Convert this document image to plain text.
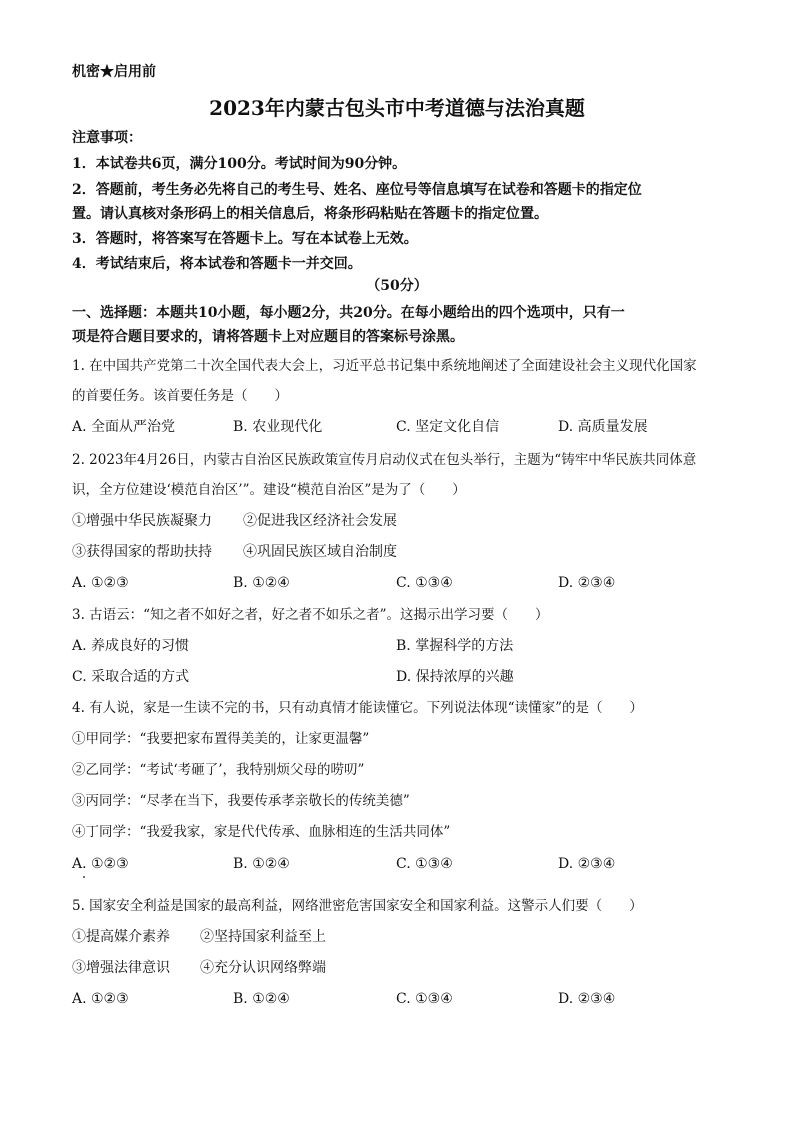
机密★启用前
2023年内蒙古包头市中考道德与法治真题
注意事项：
1．本试卷共6页，满分100分。考试时间为90分钟。
2．答题前，考生务必先将自己的考生号、姓名、座位号等信息填写在试卷和答题卡的指定位
置。请认真核对条形码上的相关信息后，将条形码粘贴在答题卡的指定位置。
3．答题时，将答案写在答题卡上。写在本试卷上无效。
4．考试结束后，将本试卷和答题卡一并交回。
（50分）
一、选择题：本题共10小题，每小题2分，共20分。在每小题给出的四个选项中，只有一
项是符合题目要求的，请将答题卡上对应题目的答案标号涂黑。
1. 在中国共产党第二十次全国代表大会上，习近平总书记集中系统地阐述了全面建设社会主义现代化国家
的首要任务。该首要任务是（　　）
A. 全面从严治党	B. 农业现代化	C. 坚定文化自信	D. 高质量发展
2. 2023年4月26日，内蒙古自治区民族政策宣传月启动仪式在包头举行，主题为“铸牢中华民族共同体意
识，全方位建设‘模范自治区’”。建设“模范自治区”是为了（　　）
①增强中华民族凝聚力 ②促进我区经济社会发展
③获得国家的帮助扶持 ④巩固民族区域自治制度
A. ①②③	B. ①②④	C. ①③④	D. ②③④
3. 古语云：“知之者不如好之者，好之者不如乐之者”。这揭示出学习要（　　）
A. 养成良好的习惯	B. 掌握科学的方法
C. 采取合适的方式	D. 保持浓厚的兴趣
4. 有人说，家是一生读不完的书，只有动真情才能读懂它。下列说法体现“读懂家”的是（　　）
①甲同学：“我要把家布置得美美的，让家更温馨”
②乙同学：“考试‘考砸了’，我特别烦父母的唠叨”
③丙同学：“尽孝在当下，我要传承孝亲敬长的传统美德”
④丁同学：“我爱我家，家是代代传承、血脉相连的生活共同体”
A. ①②③	B. ①②④	C. ①③④	D. ②③④
5. 国家安全利益是国家的最高利益，网络泄密危害国家安全和国家利益。这警示人们要（　　）
①提高媒介素养 ②坚持国家利益至上
③增强法律意识 ④充分认识网络弊端
A. ①②③	B. ①②④	C. ①③④	D. ②③④
